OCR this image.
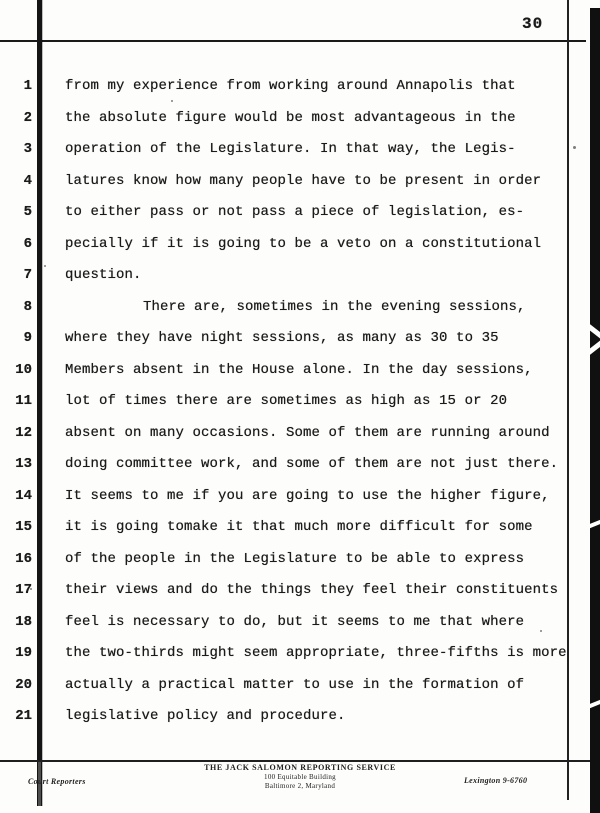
30
1 from my experience from working around Annapolis that
2 the absolute figure would be most advantageous in the
3 operation of the Legislature. In that way, the Legis-
4 latures know how many people have to be present in order
5 to either pass or not pass a piece of legislation, es-
6 pecially if it is going to be a veto on a constitutional
7 question.
8	There are, sometimes in the evening sessions,
9 where they have night sessions, as many as 30 to 35
10 Members absent in the House alone. In the day sessions,
11 lot of times there are sometimes as high as 15 or 20
12 absent on many occasions. Some of them are running around
13 doing committee work, and some of them are not just there.
14 It seems to me if you are going to use the higher figure,
15 it is going tomake it that much more difficult for some
16 of the people in the Legislature to be able to express
17 their views and do the things they feel their constituents
18 feel is necessary to do, but it seems to me that where
19 the two-thirds might seem appropriate, three-fifths is more
20 actually a practical matter to use in the formation of
21 legislative policy and procedure.
Court Reporters
THE JACK SALOMON REPORTING SERVICE
100 Equitable Building
Baltimore 2, Maryland
Lexington 9-6760
